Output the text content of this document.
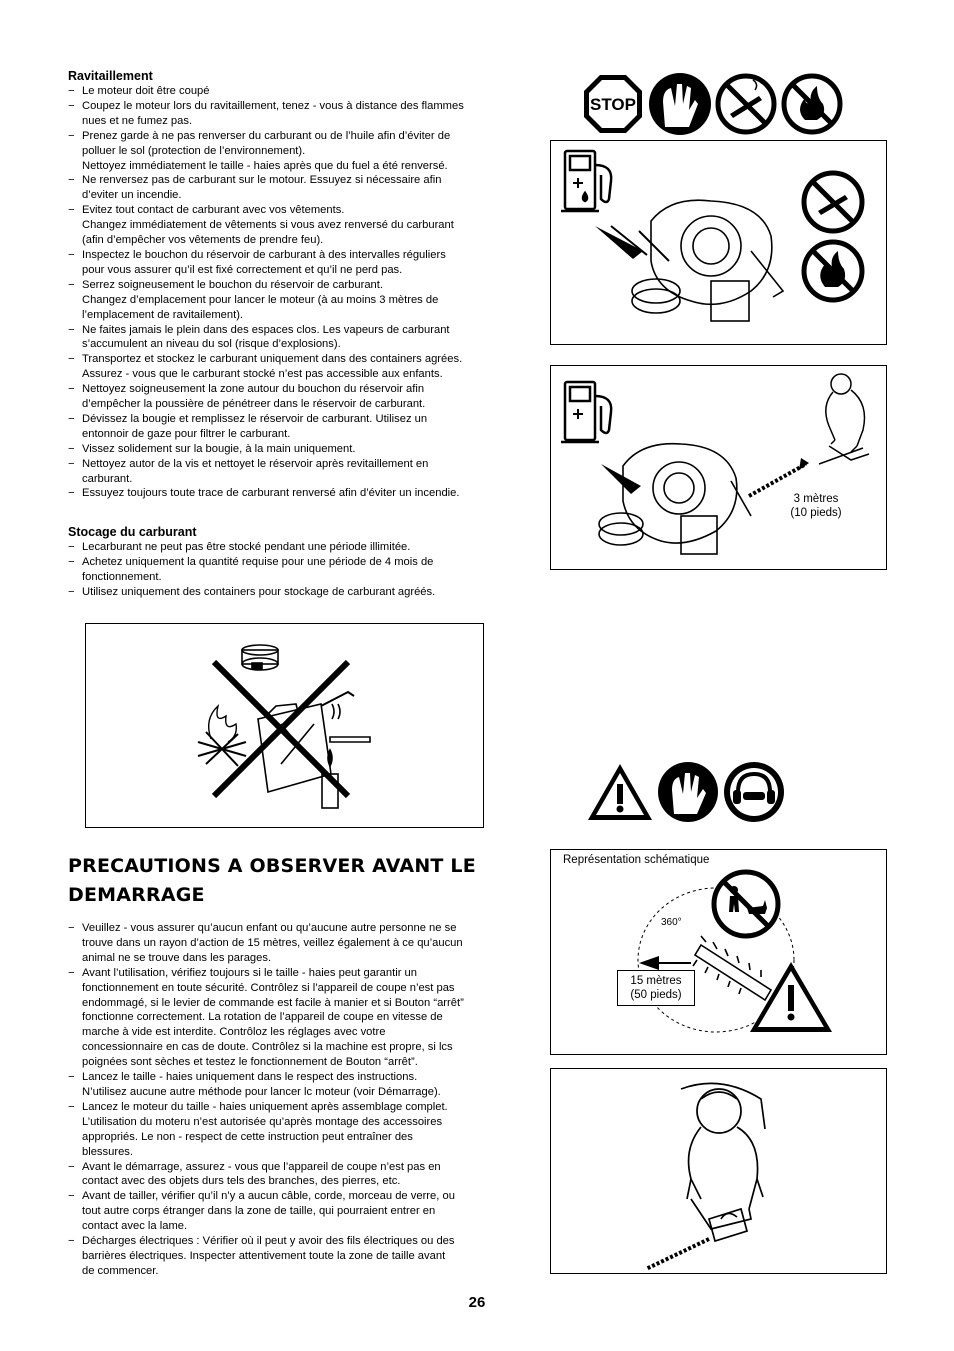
Ravitaillement

− Le moteur doit être coupé
− Coupez le moteur lors du ravitaillement, tenez - vous à distance des flammes
nues et ne fumez pas.
− Prenez garde à ne pas renverser du carburant ou de l’huile afin d’éviter de
polluer le sol (protection de l’environnement).
Nettoyez immédiatement le taille - haies après que du fuel a été renversé.
− Ne renversez pas de carburant sur le motour. Essuyez si nécessaire afin
d’eviter un incendie.
− Evitez tout contact de carburant avec vos vêtements.
Changez immédiatement de vêtements si vous avez renversé du carburant
(afin d’empêcher vos vêtements de prendre feu).
− Inspectez le bouchon du réservoir de carburant à des intervalles réguliers
pour vous assurer qu’il est fixé correctement et qu’il ne perd pas.
− Serrez soigneusement le bouchon du réservoir de carburant.
Changez d’emplacement pour lancer le moteur (à au moins 3 mètres de
l’emplacement de ravitailement).
− Ne faites jamais le plein dans des espaces clos. Les vapeurs de carburant
s’accumulent an niveau du sol (risque d’explosions).
− Transportez et stockez le carburant uniquement dans des containers agrées.
Assurez - vous que le carburant stocké n’est pas accessible aux enfants.
− Nettoyez soigneusement la zone autour du bouchon du réservoir afin
d’empêcher la poussière de pénétreer dans le réservoir de carburant.
− Dévissez la bougie et remplissez le réservoir de carburant. Utilisez un
entonnoir de gaze pour filtrer le carburant.
− Vissez solidement sur la bougie, à la main uniquement.
− Nettoyez autor de la vis et nettoyet le réservoir après revitaillement en
carburant.
− Essuyez toujours toute trace de carburant renversé afin d’éviter un incendie.

Stocage du carburant

− Lecarburant ne peut pas être stocké pendant une période illimitée.
− Achetez uniquement la quantité requise pour une période de 4 mois de
fonctionnement.
− Utilisez uniquement des containers pour stockage de carburant agréés.
PRECAUTIONS A OBSERVER AVANT LE DEMARRAGE
− Veuillez - vous assurer qu’aucun enfant ou qu’aucune autre personne ne se
trouve dans un rayon d’action de 15 mètres, veillez également à ce qu’aucun
animal ne se trouve dans les parages.
− Avant l’utilisation, vérifiez toujours si le taille - haies peut garantir un
fonctionnement en toute sécurité. Contrôlez si l’appareil de coupe n’est pas
endommagé, si le levier de commande est facile à manier et si Bouton “arrêt”
fonctionne correctement. La rotation de l’appareil de coupe en vitesse de
marche à vide est interdite. Contrôloz les réglages avec votre
concessionnaire en cas de doute. Contrôlez si la machine est propre, si lcs
poignées sont sèches et testez le fonctionnement de Bouton “arrêt”.
− Lancez le taille - haies uniquement dans le respect des instructions.
N’utilisez aucune autre méthode pour lancer lc moteur (voir Démarrage).
− Lancez le moteur du taille - haies uniquement après assemblage complet.
L’utilisation du moteru n’est autorisée qu’après montage des accessoires
appropriés. Le non - respect de cette instruction peut entraîner des
blessures.
− Avant le démarrage, assurez - vous que l’appareil de coupe n’est pas en
contact avec des objets durs tels des branches, des pierres, etc.
− Avant de tailler, vérifier qu’il n’y a aucun câble, corde, morceau de verre, ou
tout autre corps étranger dans la zone de taille, qui pourraient entrer en
contact avec la lame.
− Décharges électriques : Vérifier où il peut y avoir des fils électriques ou des
barrières électriques. Inspecter attentivement toute la zone de taille avant
de commencer.
STOP
3 mètres
(10 pieds)
Représentation schématique
360°
15 mètres
(50 pieds)
26
